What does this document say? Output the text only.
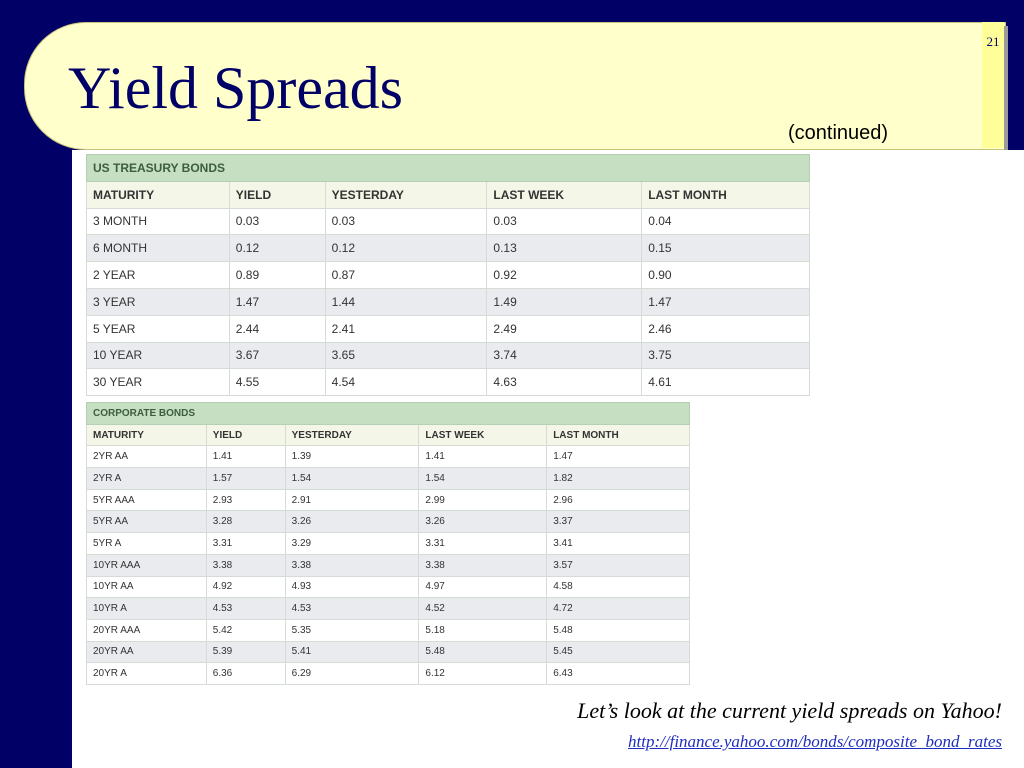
21
Yield Spreads
(continued)
US TREASURY BONDS				
MATURITY	YIELD	YESTERDAY	LAST WEEK	LAST MONTH
3 MONTH	0.03	0.03	0.03	0.04
6 MONTH	0.12	0.12	0.13	0.15
2 YEAR	0.89	0.87	0.92	0.90
3 YEAR	1.47	1.44	1.49	1.47
5 YEAR	2.44	2.41	2.49	2.46
10 YEAR	3.67	3.65	3.74	3.75
30 YEAR	4.55	4.54	4.63	4.61
CORPORATE BONDS				
MATURITY	YIELD	YESTERDAY	LAST WEEK	LAST MONTH
2YR AA	1.41	1.39	1.41	1.47
2YR A	1.57	1.54	1.54	1.82
5YR AAA	2.93	2.91	2.99	2.96
5YR AA	3.28	3.26	3.26	3.37
5YR A	3.31	3.29	3.31	3.41
10YR AAA	3.38	3.38	3.38	3.57
10YR AA	4.92	4.93	4.97	4.58
10YR A	4.53	4.53	4.52	4.72
20YR AAA	5.42	5.35	5.18	5.48
20YR AA	5.39	5.41	5.48	5.45
20YR A	6.36	6.29	6.12	6.43
Let’s look at the current yield spreads on Yahoo!
http://finance.yahoo.com/bonds/composite_bond_rates
